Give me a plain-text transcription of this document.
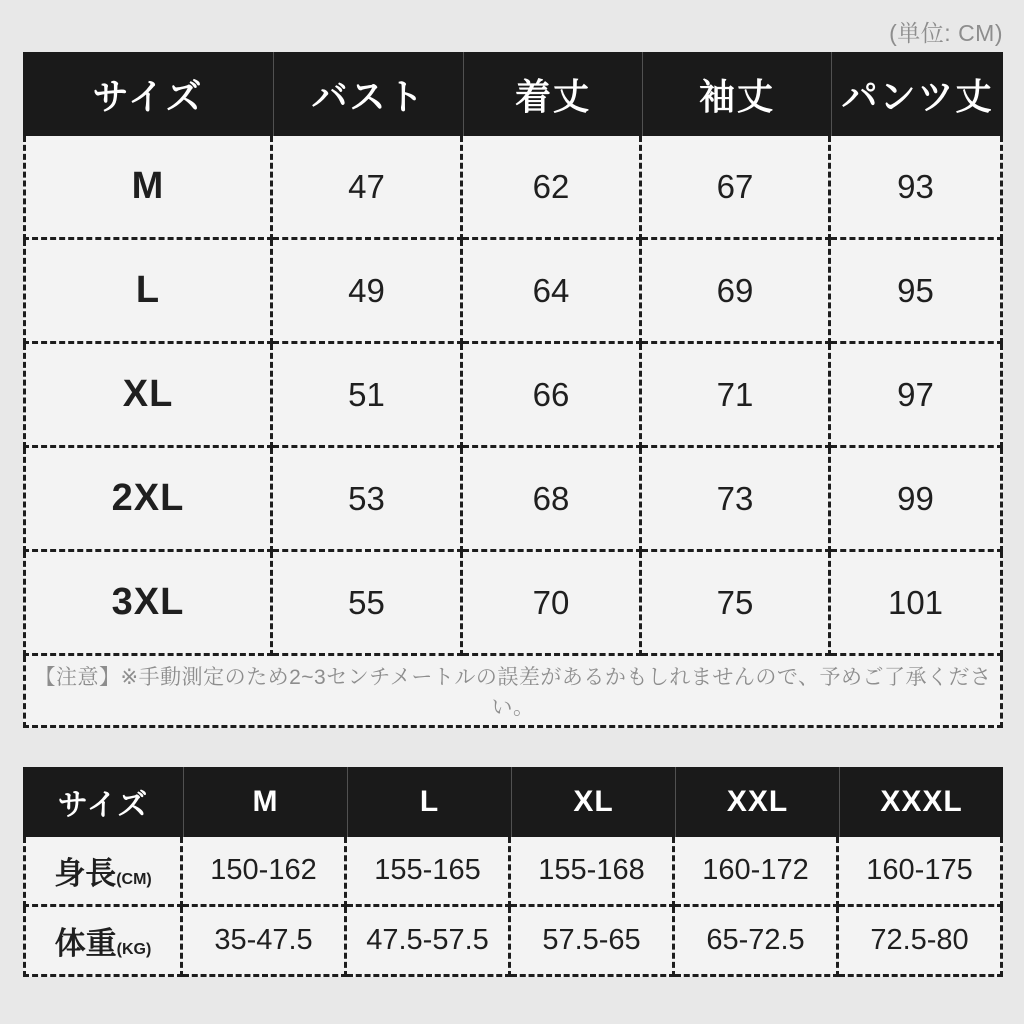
(単位: CM)
サイズ	バスト	着丈	袖丈	パンツ丈
M	47	62	67	93
L	49	64	69	95
XL	51	66	71	97
2XL	53	68	73	99
3XL	55	70	75	101
【注意】※手動測定のため2~3センチメートルの誤差があるかもしれませんので、予めご了承ください。				
サイズ	M	L	XL	XXL	XXXL
身長(CM)	150-162	155-165	155-168	160-172	160-175
体重(KG)	35-47.5	47.5-57.5	57.5-65	65-72.5	72.5-80
